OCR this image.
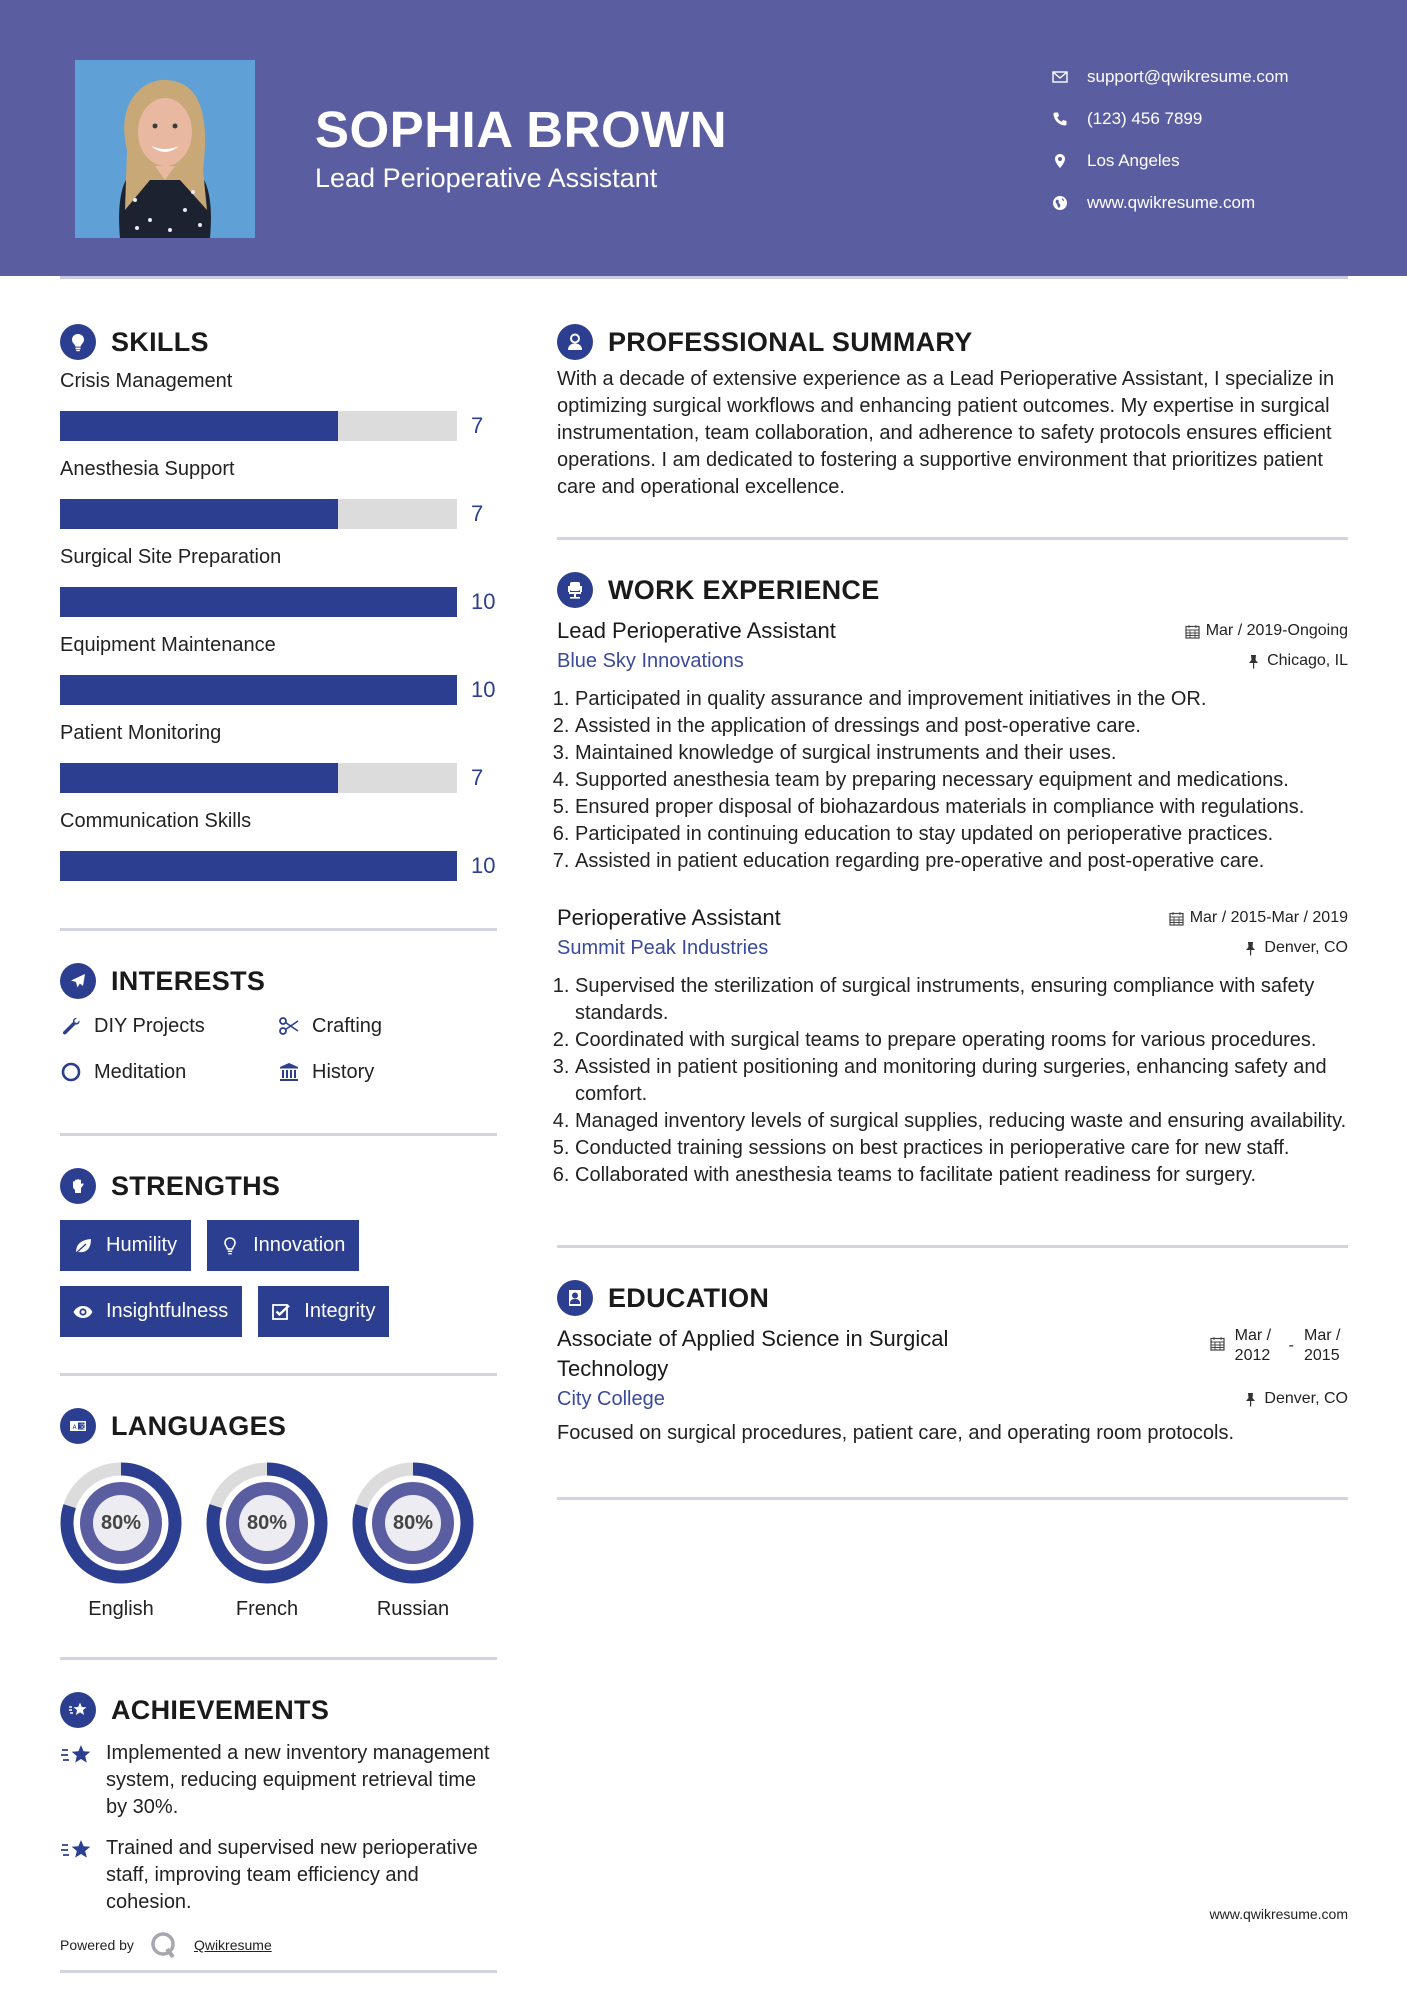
SOPHIA BROWN
Lead Perioperative Assistant
support@qwikresume.com
(123) 456 7899
Los Angeles
www.qwikresume.com
SKILLS
Crisis Management
7
Anesthesia Support
7
Surgical Site Preparation
10
Equipment Maintenance
10
Patient Monitoring
7
Communication Skills
10
INTERESTS
DIY Projects	Crafting
Meditation	History
STRENGTHS
Humility	Innovation
Insightfulness	Integrity
A 文 LANGUAGES
80%
English
80%
French
80%
Russian
ACHIEVEMENTS
Implemented a new inventory management system, reducing equipment retrieval time by 30%.
Trained and supervised new perioperative staff, improving team efficiency and cohesion.
Powered by	Qwikresume
PROFESSIONAL SUMMARY
With a decade of extensive experience as a Lead Perioperative Assistant, I specialize in optimizing surgical workflows and enhancing patient outcomes. My expertise in surgical instrumentation, team collaboration, and adherence to safety protocols ensures efficient operations. I am dedicated to fostering a supportive environment that prioritizes patient care and operational excellence.
WORK EXPERIENCE
Lead Perioperative Assistant	Mar / 2019-Ongoing
Blue Sky Innovations	Chicago, IL
1. Participated in quality assurance and improvement initiatives in the OR.
2. Assisted in the application of dressings and post-operative care.
3. Maintained knowledge of surgical instruments and their uses.
4. Supported anesthesia team by preparing necessary equipment and medications.
5. Ensured proper disposal of biohazardous materials in compliance with regulations.
6. Participated in continuing education to stay updated on perioperative practices.
7. Assisted in patient education regarding pre-operative and post-operative care.
Perioperative Assistant	Mar / 2015-Mar / 2019
Summit Peak Industries	Denver, CO
1. Supervised the sterilization of surgical instruments, ensuring compliance with safety standards.
2. Coordinated with surgical teams to prepare operating rooms for various procedures.
3. Assisted in patient positioning and monitoring during surgeries, enhancing safety and comfort.
4. Managed inventory levels of surgical supplies, reducing waste and ensuring availability.
5. Conducted training sessions on best practices in perioperative care for new staff.
6. Collaborated with anesthesia teams to facilitate patient readiness for surgery.
EDUCATION
Associate of Applied Science in Surgical Technology
Mar / 2012
-
Mar / 2015
City College	Denver, CO
Focused on surgical procedures, patient care, and operating room protocols.
www.qwikresume.com
